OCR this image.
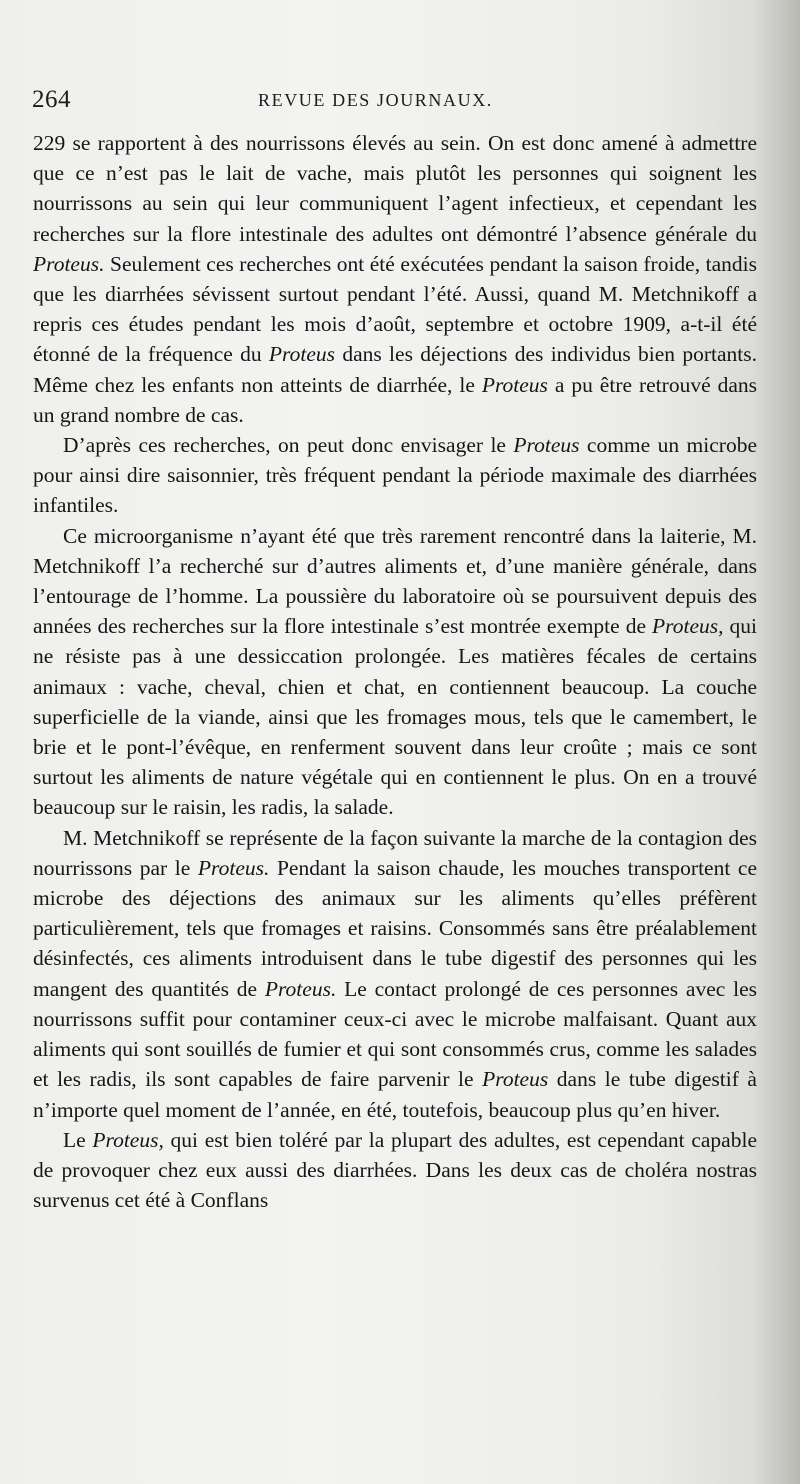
264	REVUE DES JOURNAUX.

229 se rapportent à des nourrissons élevés au sein. On est donc amené à admettre que ce n’est pas le lait de vache, mais plutôt les personnes qui soignent les nourrissons au sein qui leur communiquent l’agent infectieux, et cependant les recherches sur la flore intestinale des adultes ont démontré l’absence générale du Proteus. Seulement ces recherches ont été exécutées pendant la saison froide, tandis que les diarrhées sévissent surtout pendant l’été. Aussi, quand M. Metchnikoff a repris ces études pendant les mois d’août, septembre et octobre 1909, a-t-il été étonné de la fréquence du Proteus dans les déjections des individus bien portants. Même chez les enfants non atteints de diarrhée, le Proteus a pu être retrouvé dans un grand nombre de cas.

D’après ces recherches, on peut donc envisager le Proteus comme un microbe pour ainsi dire saisonnier, très fréquent pendant la période maximale des diarrhées infantiles.

Ce microorganisme n’ayant été que très rarement rencontré dans la laiterie, M. Metchnikoff l’a recherché sur d’autres aliments et, d’une manière générale, dans l’entourage de l’homme. La poussière du laboratoire où se poursuivent depuis des années des recherches sur la flore intestinale s’est montrée exempte de Proteus, qui ne résiste pas à une dessiccation prolongée. Les matières fécales de certains animaux : vache, cheval, chien et chat, en contiennent beaucoup. La couche superficielle de la viande, ainsi que les fromages mous, tels que le camembert, le brie et le pont-l’évêque, en renferment souvent dans leur croûte ; mais ce sont surtout les aliments de nature végétale qui en contiennent le plus. On en a trouvé beaucoup sur le raisin, les radis, la salade.

M. Metchnikoff se représente de la façon suivante la marche de la contagion des nourrissons par le Proteus. Pendant la saison chaude, les mouches transportent ce microbe des déjections des animaux sur les aliments qu’elles préfèrent particulièrement, tels que fromages et raisins. Consommés sans être préalablement désinfectés, ces aliments introduisent dans le tube digestif des personnes qui les mangent des quantités de Proteus. Le contact prolongé de ces personnes avec les nourrissons suffit pour contaminer ceux-ci avec le microbe malfaisant. Quant aux aliments qui sont souillés de fumier et qui sont consommés crus, comme les salades et les radis, ils sont capables de faire parvenir le Proteus dans le tube digestif à n’importe quel moment de l’année, en été, toutefois, beaucoup plus qu’en hiver.

Le Proteus, qui est bien toléré par la plupart des adultes, est cependant capable de provoquer chez eux aussi des diarrhées. Dans les deux cas de choléra nostras survenus cet été à Conflans
